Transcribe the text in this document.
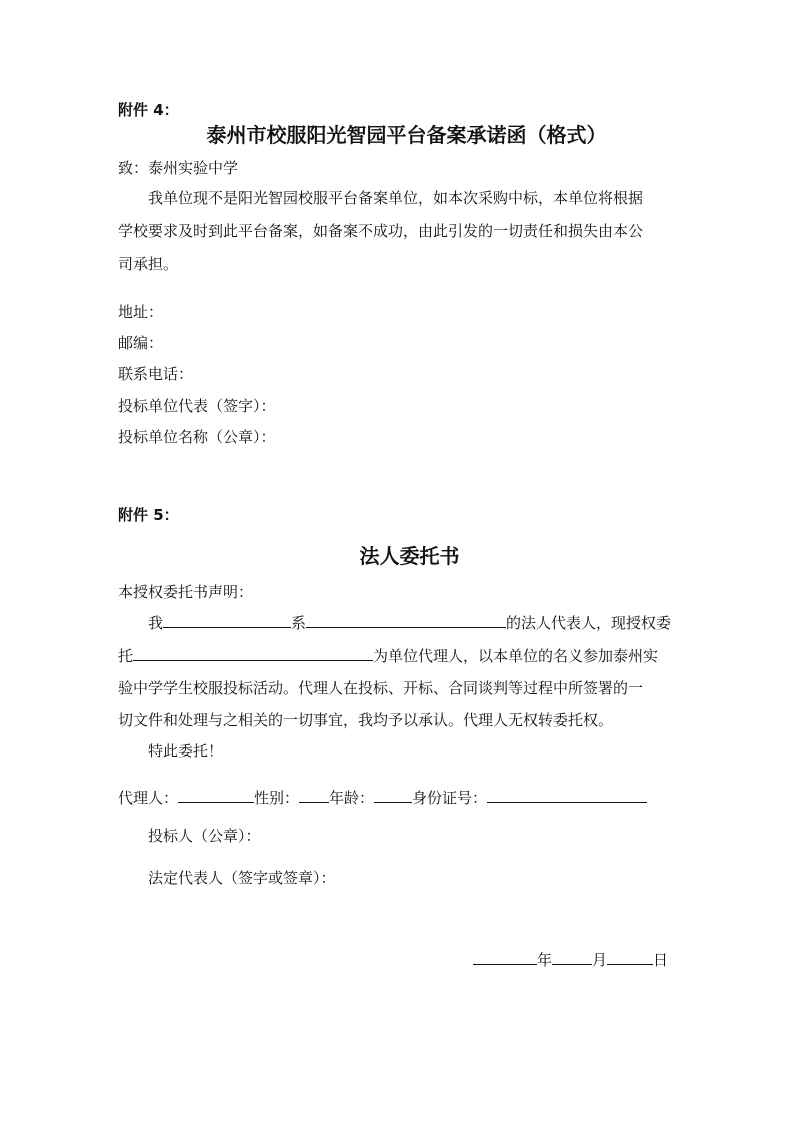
附件 4：
泰州市校服阳光智园平台备案承诺函（格式）
致：泰州实验中学
我单位现不是阳光智园校服平台备案单位，如本次采购中标，本单位将根据
学校要求及时到此平台备案，如备案不成功，由此引发的一切责任和损失由本公
司承担。
地址：
邮编：
联系电话：
投标单位代表（签字）：
投标单位名称（公章）：
附件 5：
法人委托书
本授权委托书声明：
我	系	的法人代表人，现授权委
托	为单位代理人，以本单位的名义参加泰州实
验中学学生校服投标活动。代理人在投标、开标、合同谈判等过程中所签署的一
切文件和处理与之相关的一切事宜，我均予以承认。代理人无权转委托权。
特此委托！
代理人：	性别： 年龄：	身份证号：
投标人（公章）：
法定代表人（签字或签章）：
年	月	日
